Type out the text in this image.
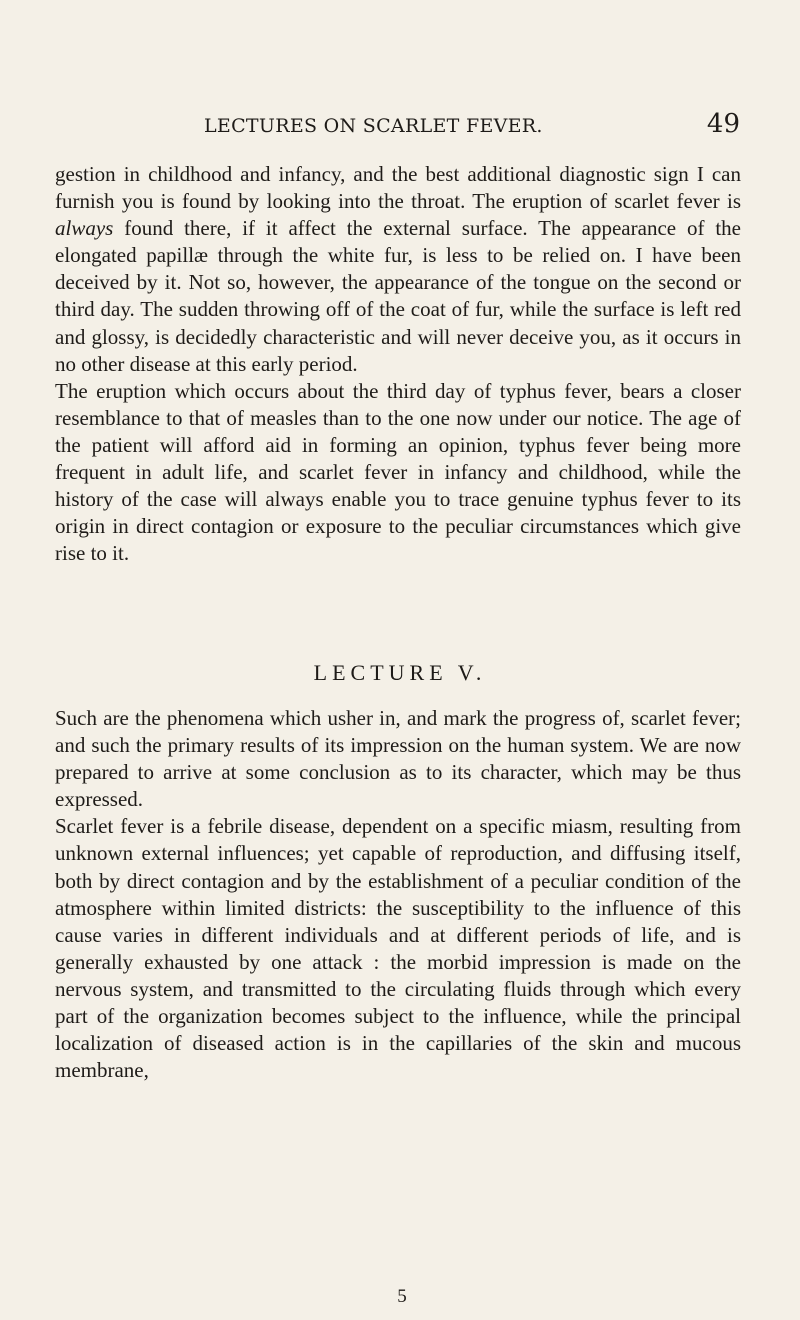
LECTURES ON SCARLET FEVER.	49

gestion in childhood and infancy, and the best additional diagnostic sign I can furnish you is found by looking into the throat. The eruption of scarlet fever is always found there, if it affect the external surface. The appearance of the elongated papillæ through the white fur, is less to be relied on. I have been deceived by it. Not so, however, the appearance of the tongue on the second or third day. The sudden throwing off of the coat of fur, while the surface is left red and glossy, is decidedly characteristic and will never deceive you, as it occurs in no other disease at this early period.

The eruption which occurs about the third day of typhus fever, bears a closer resemblance to that of measles than to the one now under our notice. The age of the patient will afford aid in forming an opinion, typhus fever being more frequent in adult life, and scarlet fever in infancy and childhood, while the history of the case will always enable you to trace genuine typhus fever to its origin in direct contagion or exposure to the peculiar circumstances which give rise to it.

LECTURE V.

Such are the phenomena which usher in, and mark the progress of, scarlet fever; and such the primary results of its impression on the human system. We are now prepared to arrive at some conclusion as to its character, which may be thus expressed.

Scarlet fever is a febrile disease, dependent on a specific miasm, resulting from unknown external influences; yet capable of reproduction, and diffusing itself, both by direct contagion and by the establishment of a peculiar condition of the atmosphere within limited districts: the susceptibility to the influence of this cause varies in different individuals and at different periods of life, and is generally exhausted by one attack : the morbid impression is made on the nervous system, and transmitted to the circulating fluids through which every part of the organization becomes subject to the influence, while the principal localization of diseased action is in the capillaries of the skin and mucous membrane,

5
